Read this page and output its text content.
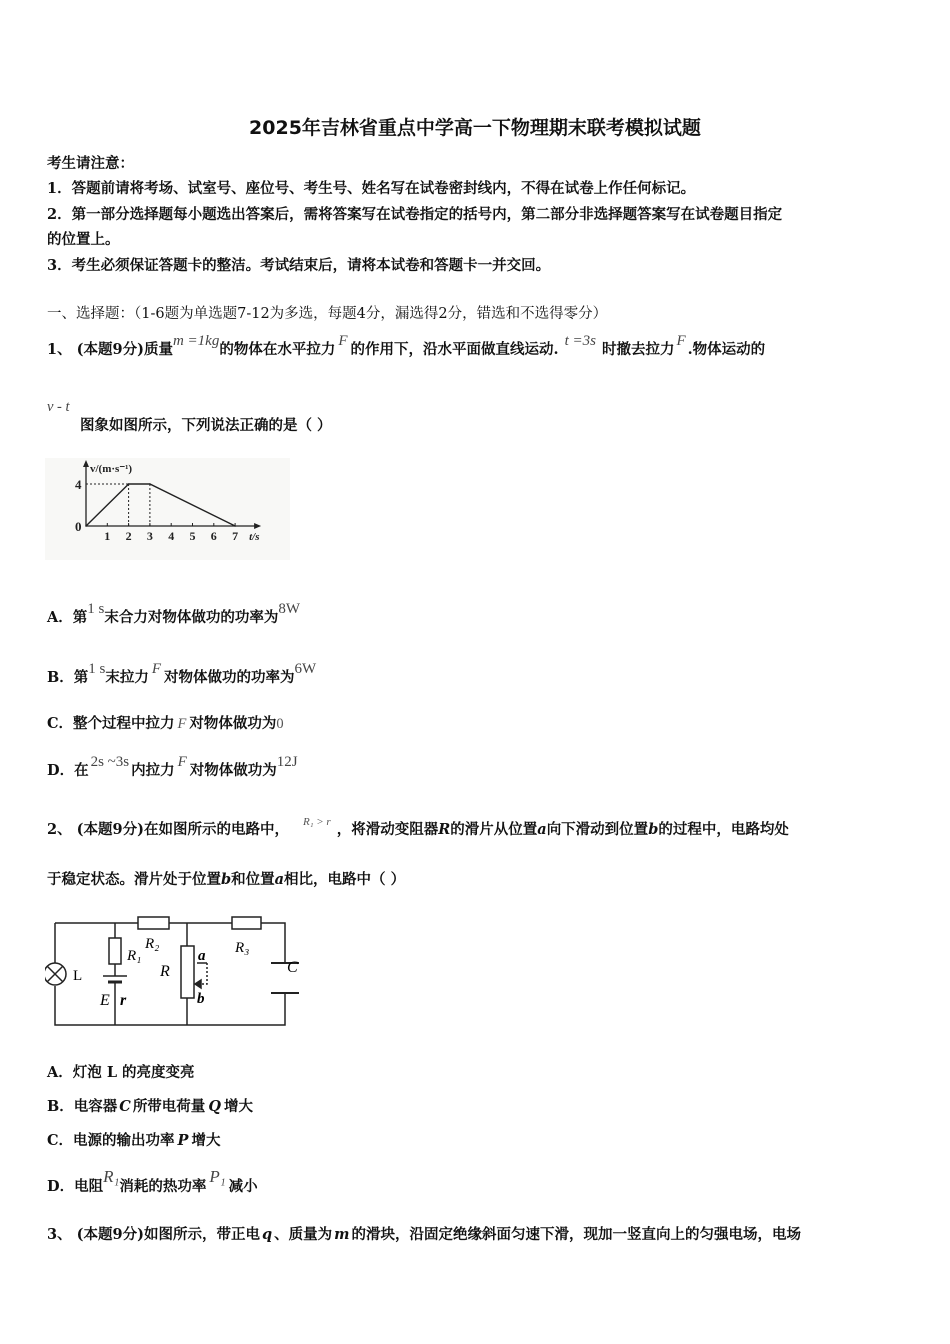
2025年吉林省重点中学高一下物理期末联考模拟试题
考生请注意：
1．答题前请将考场、试室号、座位号、考生号、姓名写在试卷密封线内，不得在试卷上作任何标记。
2．第一部分选择题每小题选出答案后，需将答案写在试卷指定的括号内，第二部分非选择题答案写在试卷题目指定
的位置上。
3．考生必须保证答题卡的整洁。考试结束后，请将本试卷和答题卡一并交回。
一、选择题：（1-6题为单选题7-12为多选，每题4分，漏选得2分，错选和不选得零分）
1、 (本题9分)质量m =1kg的物体在水平拉力 F 的作用下，沿水平面做直线运动. t =3s 时撤去拉力 F .物体运动的
v - t
图象如图所示，下列说法正确的是（ ）
1 2 3 4 5 6 7
4
0
v/(m·s⁻¹)
t/s
A．第1 s末合力对物体做功的功率为8W
B．第1 s末拉力 F 对物体做功的功率为6W
C．整个过程中拉力 F 对物体做功为0
D．在 2s ~3s 内拉力 F 对物体做功为12J
2、 (本题9分)在如图所示的电路中， $^{R_1 > r}$ ，将滑动变阻器R的滑片从位置a向下滑动到位置b的过程中，电路均处
于稳定状态。滑片处于位置b和位置a相比，电路中（ ）
L
R₁
R₂	R₃
R
a
b
C
E r
A．灯泡 L 的亮度变亮
B．电容器 C 所带电荷量 Q 增大
C．电源的输出功率 P 增大
D．电阻R₁消耗的热功率P₁减小
3、 (本题9分)如图所示，带正电 q 、质量为 m 的滑块，沿固定绝缘斜面匀速下滑，现加一竖直向上的匀强电场，电场
